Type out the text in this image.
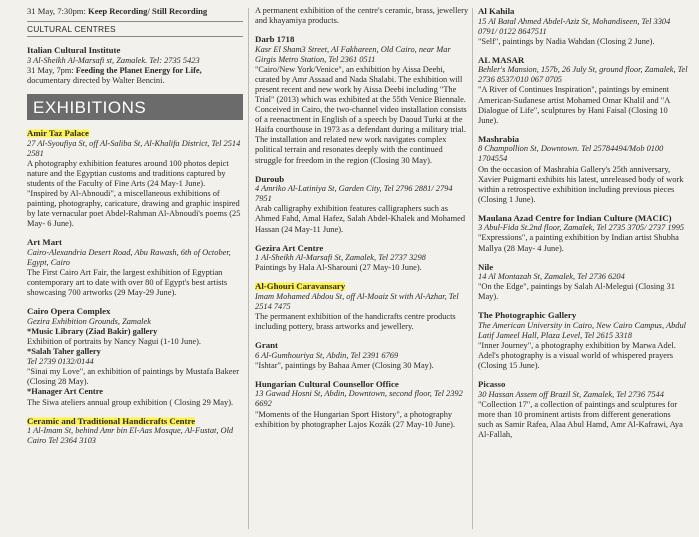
31 May, 7:30pm: Keep Recording/ Still Recording
CULTURAL CENTRES
Italian Cultural Institute
3 Al-Sheikh Al-Marsafi st, Zamalek. Tel: 2735 5423
31 May, 7pm: Feeding the Planet Energy for Life, documentary directed by Walter Bencini.
EXHIBITIONS
Amir Taz Palace
27 Al-Syoufiya St, off Al-Saliba St, Al-Khalifa District, Tel 2514 2581
A photography exhibition features around 100 photos depict nature and the Egyptian customs and traditions captured by students of the Faculty of Fine Arts (24 May-1 June).
"Inspired by Al-Abnoudi", a miscellaneous exhibitions of painting, photography, caricature, drawing and graphic inspired by late vernacular poet Abdel-Rahman Al-Abnoudi's poems (25 May- 6 June).
Art Mart
Cairo-Alexandria Desert Road, Abu Rawash, 6th of October, Egypt, Cairo
The First Cairo Art Fair, the largest exhibition of Egyptian contemporary art to date with over 80 of Egypt's best artists showcasing 700 artworks (29 May-29 June).
Cairo Opera Complex
Gezira Exhibition Grounds, Zamalek
*Music Library (Ziad Bakir) gallery
Exhibition of portraits by Nancy Nagui (1-10 June).
*Salah Taher gallery
Tel 2739 0132/0144
"Sinai my Love", an exhibition of paintings by Mustafa Bakeer (Closing 28 May).
*Hanager Art Centre
The Siwa ateliers annual group exhibition ( Closing 29 May).
Ceramic and Traditional Handicrafts Centre
1 Al-Imam St, behind Amr bin El-Aas Mosque, Al-Fustat, Old Cairo Tel 2364 3103
A permanent exhibition of the centre's ceramic, brass, jewellery and khayamiya products.
Darb 1718
Kasr El Sham3 Street, Al Fakhareen, Old Cairo, near Mar Girgis Metro Station, Tel 2361 0511
"Cairo/New York/Venice", an exhibition by Aissa Deebi, curated by Amr Assaad and Nada Shalabi. The exhibition will present recent and new work by Aissa Deebi including "The Trial" (2013) which was exhibited at the 55th Venice Biennale. Conceived in Cairo, the two-channel video installation consists of a reenactment in English of a speech by Daoud Turki at the Haifa courthouse in 1973 as a defendant during a military trial. The installation and related new work navigates complex political terrain and resonates deeply with the continued struggle for freedom in the region (Closing 30 May).
Duroub
4 Amriko Al-Latiniya St, Garden City, Tel 2796 2881/ 2794 7951
Arab calligraphy exhibition features calligraphers such as Ahmed Fahd, Amal Hafez, Salah Abdel-Khalek and Mohamed Hassan (24 May-11 June).
Gezira Art Centre
1 Al-Sheikh Al-Marsafi St, Zamalek, Tel 2737 3298
Paintings by Hala Al-Sharouni (27 May-10 June).
Al-Ghouri Caravansary
Imam Mohamed Abdou St, off Al-Moaiz St with Al-Azhar, Tel 2514 7475
The permanent exhibition of the handicrafts centre products including pottery, brass artworks and jewellery.
Grant
6 Al-Gumhouriya St, Abdin, Tel 2391 6769
"Ishtar", paintings by Bahaa Amer (Closing 30 May).
Hungarian Cultural Counsellor Office
13 Gawad Hosni St, Abdin, Downtown, second floor, Tel 2392 6692
"Moments of the Hungarian Sport History", a photography exhibition by photographer Lajos Kozák (27 May-10 June).
Al Kahila
15 Al Batal Ahmed Abdel-Aziz St, Mohandiseen, Tel 3304 0791/ 0122 8647511
"Self", paintings by Nadia Wahdan (Closing 2 June).
AL MASAR
Behler's Mansion, 157b, 26 July St, ground floor, Zamalek, Tel 2736 8537/010 067 0705
"A River of Continues Inspiration", paintings by eminent American-Sudanese artist Mohamed Omar Khalil and "A Dialogue of Life", sculptures by Hani Faisal (Closing 10 June).
Mashrabia
8 Champollion St, Downtown. Tel 25784494/Mob 0100 1704554
On the occasion of Mashrabia Gallery's 25th anniversary, Xavier Puigmarti exhibits his latest, unreleased body of work within a retrospective exhibition including previous pieces (Closing 1 June).
Maulana Azad Centre for Indian Culture (MACIC)
3 Abul-Fida St.2nd floor, Zamalek, Tel 2735 3705/ 2737 1995
"Expressions", a painting exhibition by Indian artist Shubha Mallya (28 May- 4 June).
Nile
14 Al Montazah St, Zamalek, Tel 2736 6204
"On the Edge", paintings by Salah Al-Melegui (Closing 31 May).
The Photographic Gallery
The American University in Cairo, New Cairo Campus, Abdul Latif Jameel Hall, Plaza Level, Tel 2615 3318
"Inner Journey", a photography exhibition by Marwa Adel. Adel's photography is a visual world of whispered prayers (Closing 15 June).
Picasso
30 Hassan Assem off Brazil St, Zamalek, Tel 2736 7544
"Collection 17", a collection of paintings and sculptures for more than 10 prominent artists from different generations such as Samir Rafea, Alaa Abul Hamd, Amr Al-Kafrawi, Aya Al-Fallah,
